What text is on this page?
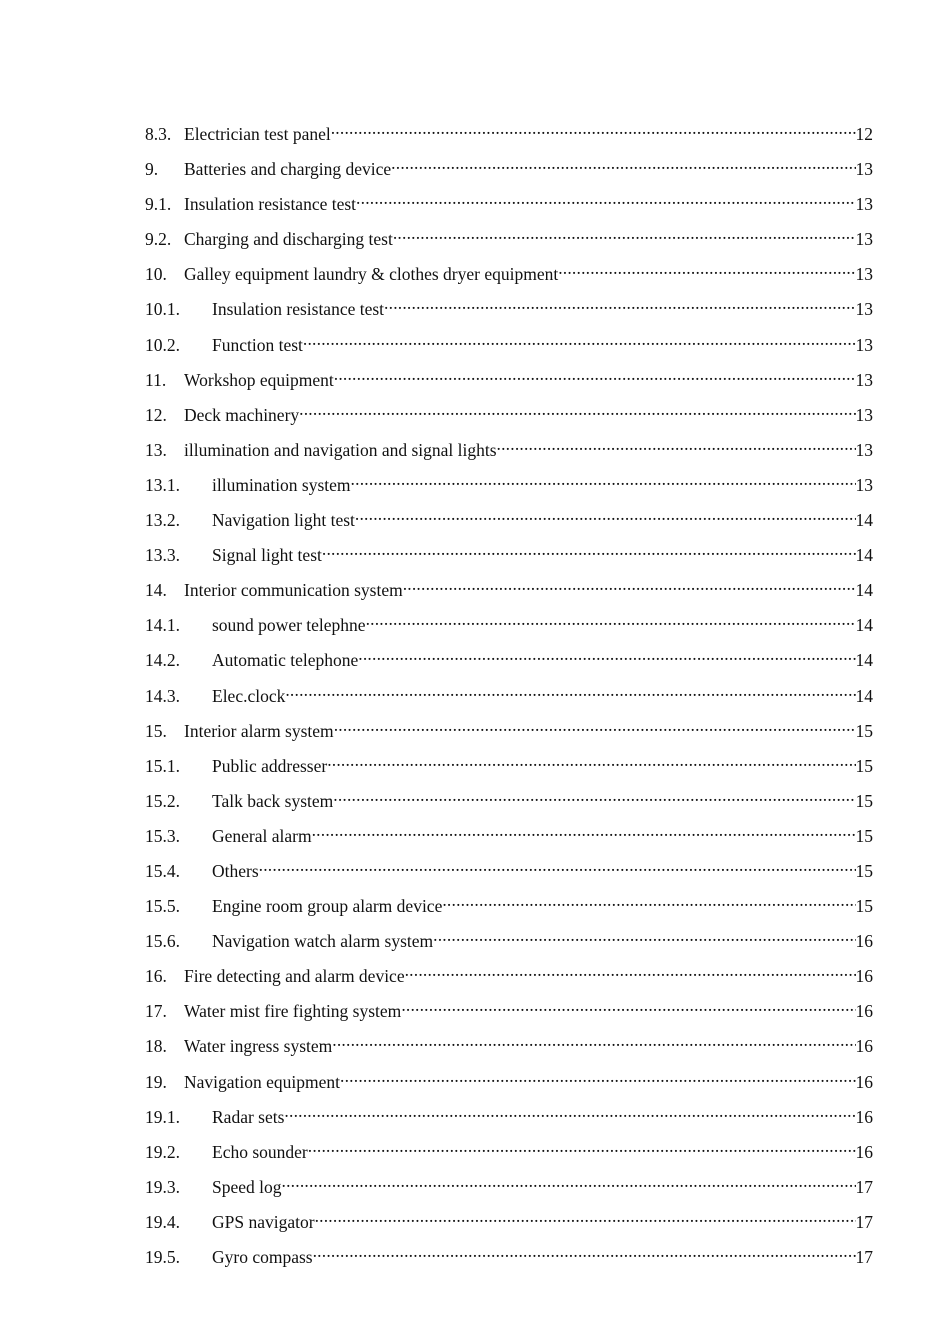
8.3. Electrician test panel .....	12
9.	Batteries and charging device .....	13
9.1. Insulation resistance test .....	13
9.2. Charging and discharging test .....	13
10. Galley equipment laundry & clothes dryer equipment .....	13
10.1.	Insulation resistance test .....	13
10.2.	Function test .....	13
11.	Workshop equipment .....	13
12. Deck machinery .....	13
13. illumination and navigation and signal lights .....	13
13.1.	illumination system .....	13
13.2.	Navigation light test .....	14
13.3.	Signal light test .....	14
14. Interior communication system .....	14
14.1.	sound power telephne .....	14
14.2.	Automatic telephone .....	14
14.3.	Elec.clock .....	14
15. Interior alarm system .....	15
15.1.	Public addresser .....	15
15.2.	Talk back system .....	15
15.3.	General alarm .....	15
15.4.	Others .....	15
15.5.	Engine room group alarm device .....	15
15.6.	Navigation watch alarm system .....	16
16. Fire detecting and alarm device .....	16
17. Water mist fire fighting system .....	16
18. Water ingress system .....	16
19. Navigation equipment .....	16
19.1.	Radar sets .....	16
19.2.	Echo sounder .....	16
19.3.	Speed log .....	17
19.4.	GPS navigator .....	17
19.5.	Gyro compass .....	17
